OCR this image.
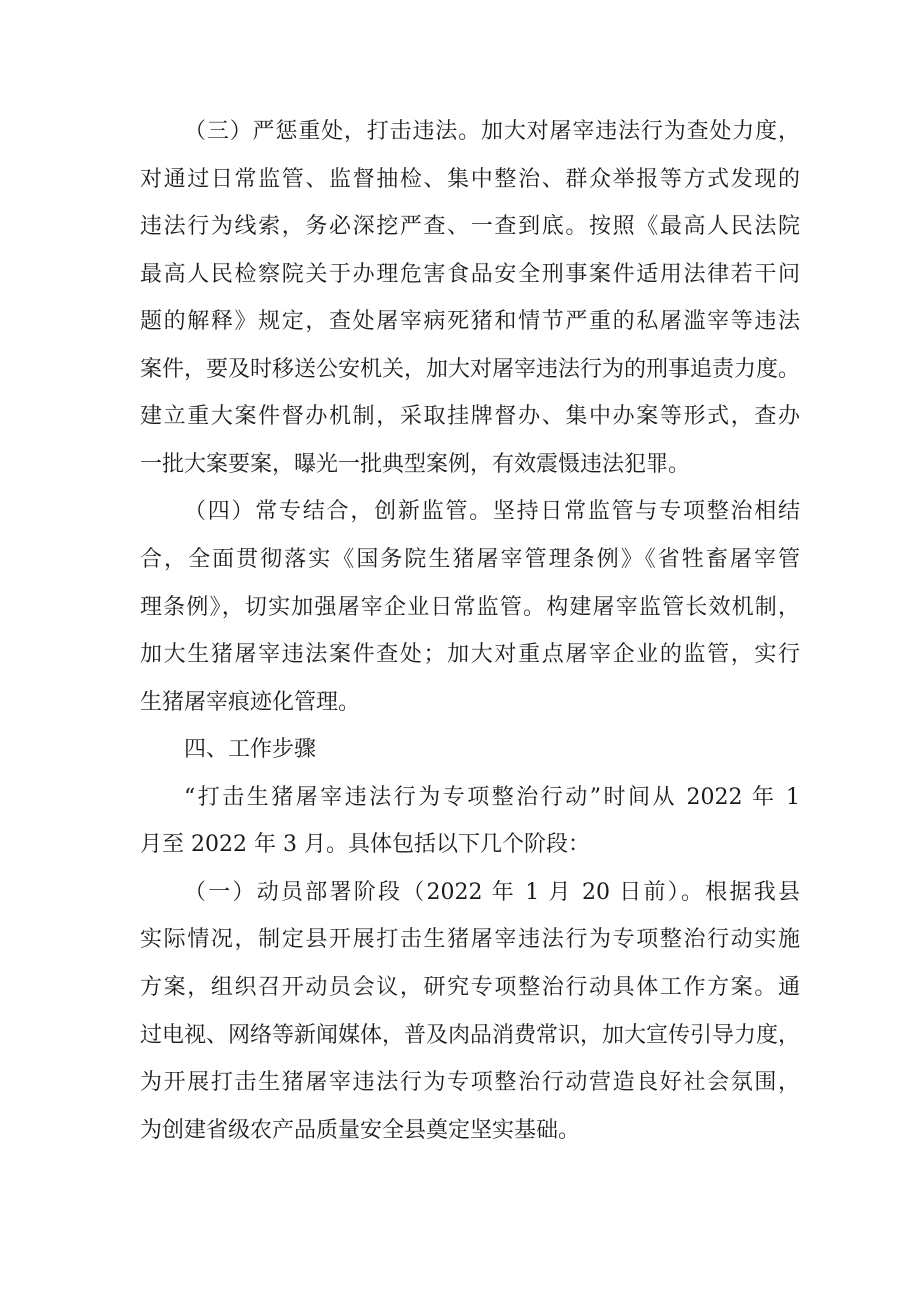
（三）严惩重处，打击违法。加大对屠宰违法行为查处力度，
对通过日常监管、监督抽检、集中整治、群众举报等方式发现的
违法行为线索，务必深挖严查、一查到底。按照《最高人民法院
最高人民检察院关于办理危害食品安全刑事案件适用法律若干问
题的解释》规定，查处屠宰病死猪和情节严重的私屠滥宰等违法
案件，要及时移送公安机关，加大对屠宰违法行为的刑事追责力度。
建立重大案件督办机制，采取挂牌督办、集中办案等形式，查办
一批大案要案，曝光一批典型案例，有效震慑违法犯罪。
（四）常专结合，创新监管。坚持日常监管与专项整治相结
合，全面贯彻落实《国务院生猪屠宰管理条例》《省牲畜屠宰管
理条例》，切实加强屠宰企业日常监管。构建屠宰监管长效机制，
加大生猪屠宰违法案件查处；加大对重点屠宰企业的监管，实行
生猪屠宰痕迹化管理。
四、工作步骤
“打击生猪屠宰违法行为专项整治行动”时间从 2022 年 1
月至 2022 年 3 月。具体包括以下几个阶段：
（一）动员部署阶段（2022 年 1 月 20 日前）。根据我县
实际情况，制定县开展打击生猪屠宰违法行为专项整治行动实施
方案，组织召开动员会议，研究专项整治行动具体工作方案。通
过电视、网络等新闻媒体，普及肉品消费常识，加大宣传引导力度，
为开展打击生猪屠宰违法行为专项整治行动营造良好社会氛围，
为创建省级农产品质量安全县奠定坚实基础。
